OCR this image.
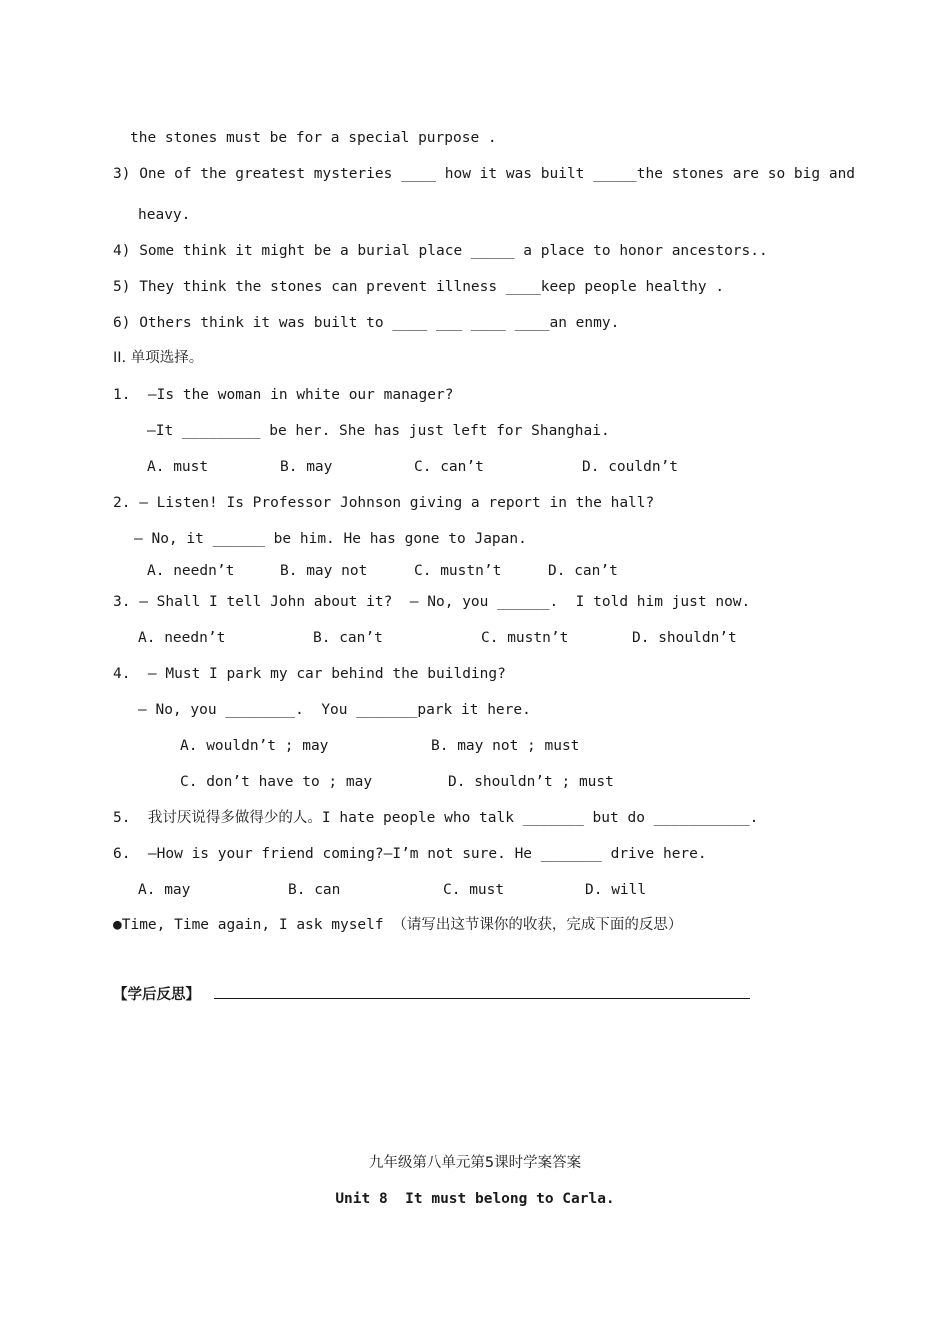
the stones must be for a special purpose .
3) One of the greatest mysteries ____ how it was built _____the stones are so big and
heavy.
4) Some think it might be a burial place _____ a place to honor ancestors..
5) They think the stones can prevent illness ____keep people healthy .
6) Others think it was built to ____ ___ ____ ____an enmy.
II. 单项选择。
1.  —Is the woman in white our manager?
—It _________ be her. She has just left for Shanghai.
A. must	B. may	C. can’t	D. couldn’t
2. — Listen! Is Professor Johnson giving a report in the hall?
— No, it ______ be him. He has gone to Japan.
A. needn’t	B. may not	C. mustn’t	D. can’t
3. — Shall I tell John about it?  — No, you ______.  I told him just now.
A. needn’t	B. can’t	C. mustn’t	D. shouldn’t
4.  — Must I park my car behind the building?
— No, you ________.  You _______park it here.
A. wouldn’t ; may	B. may not ; must
C. don’t have to ; may	D. shouldn’t ; must
5.  我讨厌说得多做得少的人。I hate people who talk _______ but do ___________.
6.  —How is your friend coming?—I’m not sure. He _______ drive here.
A. may	B. can	C. must	D. will
●Time, Time again, I ask myself （请写出这节课你的收获，完成下面的反思）
【学后反思】
九年级第八单元第5课时学案答案
Unit 8  It must belong to Carla.
